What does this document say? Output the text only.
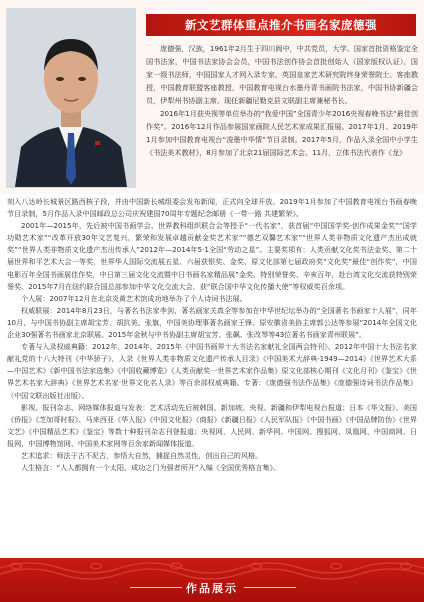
新文艺群体重点推介书画名家庞德强

庞德强，汉族，1961年2月生于四川阆中，中共党员，大学。国家首批资格鉴定全国书法家，中国书法家协会会员，中国书法创作协会首批创始人（国家版权认证），国家一级书法师，中国国家人才网入录专家，英国皇家艺术研究院终身荣誉院士、客座教授，中国教育联盟客座教授，中国教育电视台水墨丹青书画院书法家，中国书协新疆会员，伊犁州书协副主席。现任新疆尼勒克县文联副主席兼秘书长。

2016年1月获央视等单位举办的“我爱中国”全国青少年2016央视春晚书法“最佳创作奖”。2016年12月作品参展国家画院人民艺术家成果汇报展。2017年1月、2019年1月参加中国教育电视台“浚墨中华情”节目录制。2017年5月，作品入录全国中小学生《书法美术教材》，8月参加了北京21届国际艺术会。11月，立体书法代表作《龙》

刻入八达岭长城景区路西核子段，并由中国新长城组委会发布新闻，正式向全球开放。2019年1月参加了中国教育电视台书画春晚节目录制，5月作品入录中国邮政总公司庆祝建国70周年专题纪念邮册《一带一路 共建繁荣》。

2001年—2015年，先后被中国书画学会、世界教科组织联合会等授予“一代名家”，获首届“中国国学奖-创作成果金奖”“国学功勋艺术家”“改革开放30年文艺复兴，繁荣和发展卓越贡献金奖艺术家”“德艺双馨艺术家”“世界人类非物质文化遗产杰出成就奖”“世界人类非物质文化遗产杰出传承人”2012年—2014年5·1全国“劳动之星”。主要奖项有：人类贡献文化奖书法金奖、第二十届世界和平艺术大会一等奖，世界华人国际交流展五星、六届获银奖、金奖、原文化部第七届政府奖“文化奖”最佳“创作奖”，中国电影百年全国书画展佳作奖，中日第三届文化交流暨中日书画名家精品展”金奖、特别荣誉奖、辛亥百年，赴台湾文化交流获特别荣誉奖、2015年7月在纽约联合国总部参加中华文化交流大会，获“联合国中华文化传播大使”等权威奖百余项。

个人展：2007年12月在北京炎黄艺术馆成功地举办了个人诗词书法展。

权威联展：2014年8月23日，与著名书法家李剑、著名画家关真全等参加在中华世纪坛举办的“全国著名书画家十人展”，同年10月，与中国书协副主席胡宝芳、胡抗美、张旗，中国美协理事著名画家王锋、原安徽省美协主席郭公达等参展“2014年全国文化企业30强著名书画家北京联展。2015年金秋与中书协副主席胡宝芳、张飙、张改琴等43位著名书画家青州联展”。

专著与入录权威典籍：2012年、2014年、2015年《中国书画界十大书法名家献礼全国两会特刊》、2012年中国十大书法名家献礼党的十八大特刊《中华骄子》，入录《世界人类非物质文化遗产传承人目录》《中国美术大辞典·1949—2014》《世界艺术大系—中国艺术》《新中国书法家选集》《中国收藏博览》《人类贡献奖一世界艺术家作品集》原文化部核心期刊《文化月刊》《鉴宝》《世界艺术名家大辞典》《世界艺术名家·世界文化名人录》等百余部权威典籍。专著：《庞德强书法作品集》《庞德强诗词书法作品集》（中国文联出版社出版）。

影视、报刊杂志、网络媒体报道与发表：艺术活动先后被韩国、新加坡、央视、新疆和伊犁电视台报道；日本《华文报》、美国《侨报》《芝加哥时报》、马来西亚《华人报》《中国文化报》《商报》《新疆日报》《人民军队报》《中国书画》《中国品牌防伪》《世界文艺》《中国精品艺术》《鉴宝》等数十种报刊杂志刊登报道；央视网、人民网、新华网、中国网、搜狐网、凤凰网、中国商网、日报网、中国博物馆网、中国美术家网等百余家新闻媒体报道。

艺术追求：师法于古不泥古，参悟大自然，捕捉自然灵性，创出自己的风格。

人生格言：“人人都拥有一个太阳、成功之门为强者所开”入编《全国优秀格言集》。

作品展示
